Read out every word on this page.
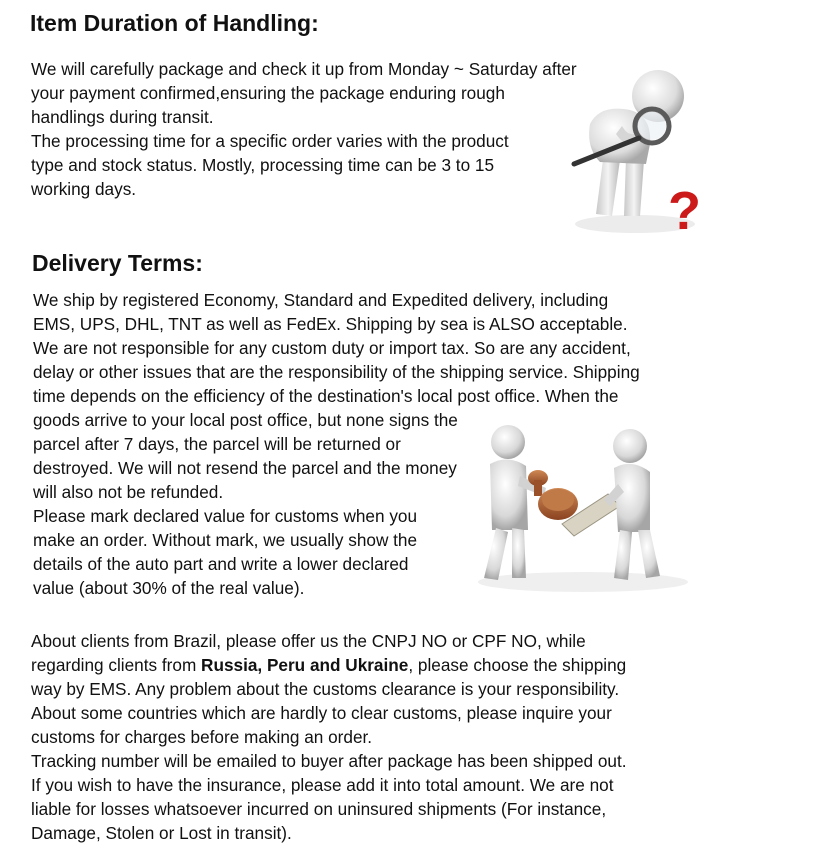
Item Duration of Handling:
We will carefully package and check it up from Monday ~ Saturday after
your payment confirmed,ensuring the package enduring rough
handlings during transit.
The processing time for a specific order varies with the product
type and stock status. Mostly, processing time can be 3 to 15
working days.	?
Delivery Terms:
We ship by registered Economy, Standard and Expedited delivery, including
EMS, UPS, DHL, TNT as well as FedEx. Shipping by sea is ALSO acceptable.
We are not responsible for any custom duty or import tax. So are any accident,
delay or other issues that are the responsibility of the shipping service. Shipping
time depends on the efficiency of the destination's local post office. When the
goods arrive to your local post office, but none signs the
parcel after 7 days, the parcel will be returned or
destroyed. We will not resend the parcel and the money
will also not be refunded.
Please mark declared value for customs when you
make an order. Without mark, we usually show the
details of the auto part and write a lower declared
value (about 30% of the real value).
About clients from Brazil, please offer us the CNPJ NO or CPF NO, while
regarding clients from Russia, Peru and Ukraine, please choose the shipping
way by EMS. Any problem about the customs clearance is your responsibility.
About some countries which are hardly to clear customs, please inquire your
customs for charges before making an order.
Tracking number will be emailed to buyer after package has been shipped out.
If you wish to have the insurance, please add it into total amount. We are not
liable for losses whatsoever incurred on uninsured shipments (For instance,
Damage, Stolen or Lost in transit).
